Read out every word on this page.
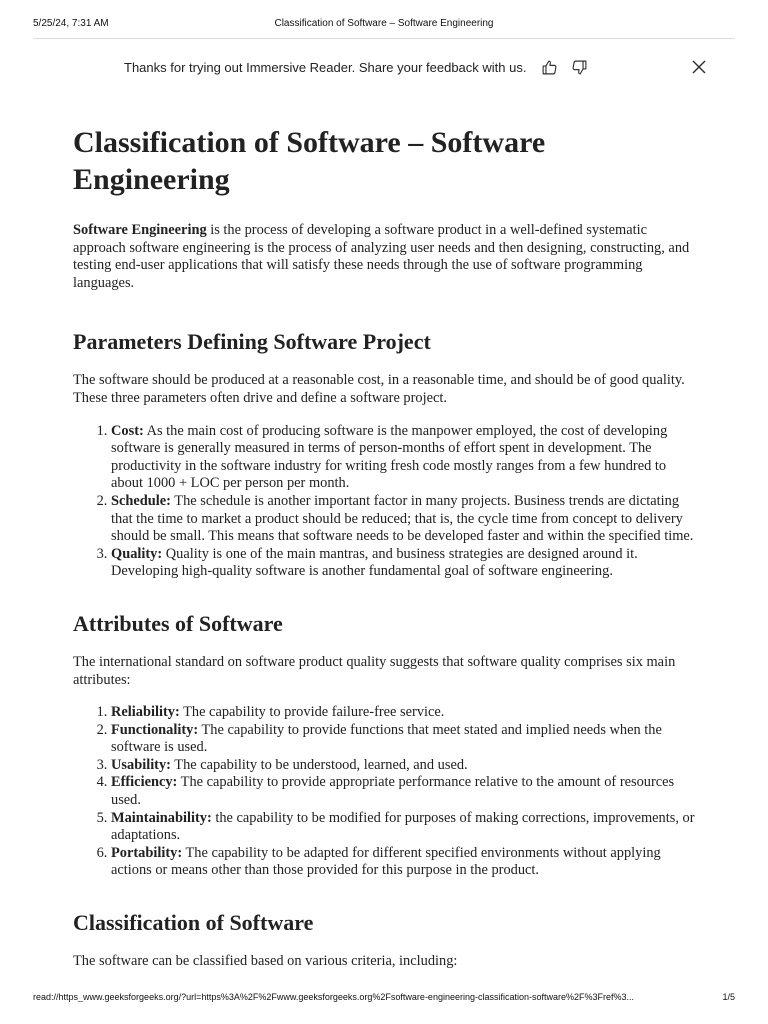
5/25/24, 7:31 AM	Classification of Software – Software Engineering
Thanks for trying out Immersive Reader. Share your feedback with us.
Classification of Software – Software Engineering

Software Engineering is the process of developing a software product in a well-defined systematic approach software engineering is the process of analyzing user needs and then designing, constructing, and testing end-user applications that will satisfy these needs through the use of software programming languages.

Parameters Defining Software Project

The software should be produced at a reasonable cost, in a reasonable time, and should be of good quality. These three parameters often drive and define a software project.

1. Cost: As the main cost of producing software is the manpower employed, the cost of developing software is generally measured in terms of person-months of effort spent in development. The productivity in the software industry for writing fresh code mostly ranges from a few hundred to about 1000 + LOC per person per month.
2. Schedule: The schedule is another important factor in many projects. Business trends are dictating that the time to market a product should be reduced; that is, the cycle time from concept to delivery should be small. This means that software needs to be developed faster and within the specified time.
3. Quality: Quality is one of the main mantras, and business strategies are designed around it. Developing high-quality software is another fundamental goal of software engineering.
Attributes of Software

The international standard on software product quality suggests that software quality comprises six main attributes:

1. Reliability: The capability to provide failure-free service.
2. Functionality: The capability to provide functions that meet stated and implied needs when the software is used.
3. Usability: The capability to be understood, learned, and used.
4. Efficiency: The capability to provide appropriate performance relative to the amount of resources used.
5. Maintainability: the capability to be modified for purposes of making corrections, improvements, or adaptations.
6. Portability: The capability to be adapted for different specified environments without applying actions or means other than those provided for this purpose in the product.
Classification of Software

The software can be classified based on various criteria, including:

read://https_www.geeksforgeeks.org/?url=https%3A%2F%2Fwww.geeksforgeeks.org%2Fsoftware-engineering-classification-software%2F%3Fref%3...	1/5
